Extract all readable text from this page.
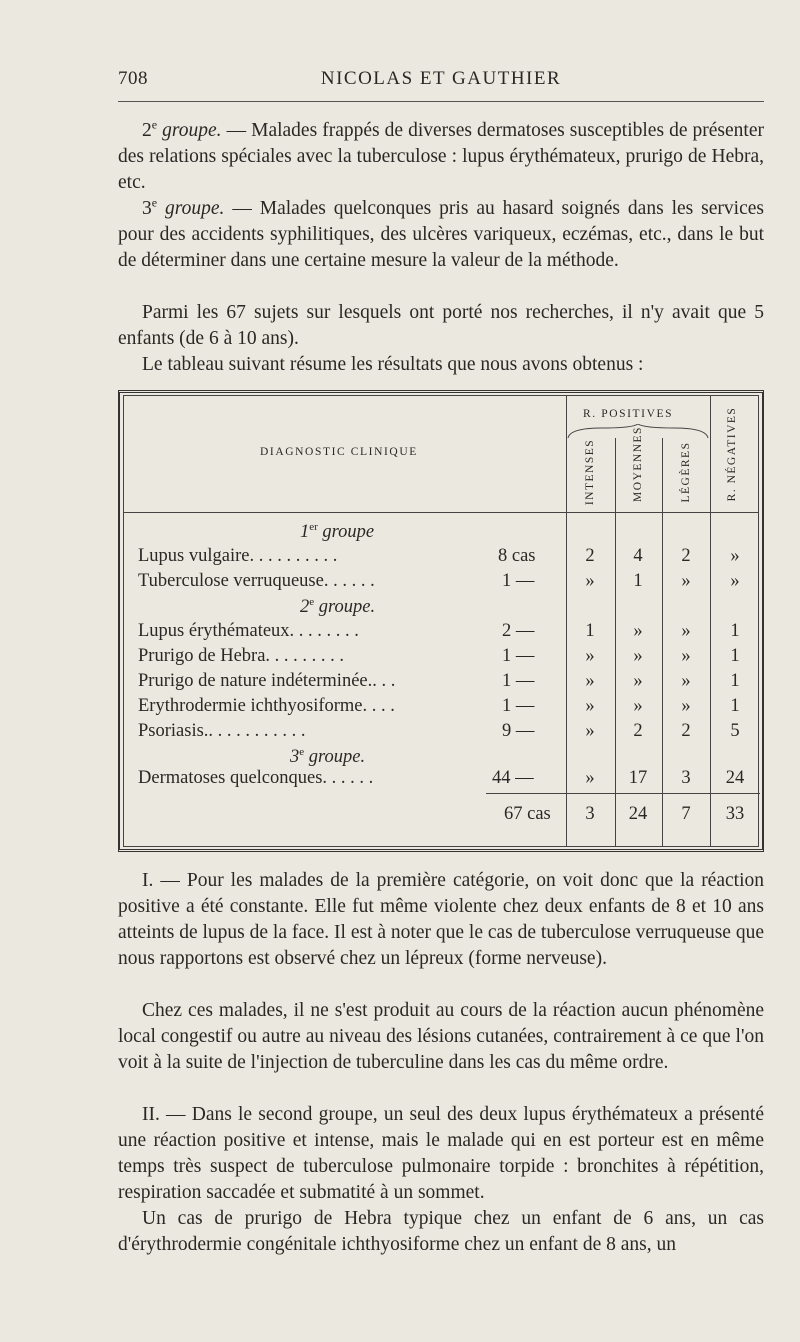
708	NICOLAS ET GAUTHIER
2e groupe. — Malades frappés de diverses dermatoses susceptibles de présenter des relations spéciales avec la tuberculose : lupus érythémateux, prurigo de Hebra, etc.
3e groupe. — Malades quelconques pris au hasard soignés dans les services pour des accidents syphilitiques, des ulcères variqueux, eczémas, etc., dans le but de déterminer dans une certaine mesure la valeur de la méthode.
Parmi les 67 sujets sur lesquels ont porté nos recherches, il n'y avait que 5 enfants (de 6 à 10 ans).
Le tableau suivant résume les résultats que nous avons obtenus :
DIAGNOSTIC CLINIQUE
R. POSITIVES
INTENSES	MOYENNES	LÉGÈRES	R. NÉGATIVES
1er groupe
Lupus vulgaire. . . . . . . . . .	8 cas	2	4	2	»
Tuberculose verruqueuse. . . . . .	1 —	»	1	»	»
2e groupe.
Lupus érythémateux. . . . . . . .	2 —	1	»	»	1
Prurigo de Hebra. . . . . . . . .	1 —	»	»	»	1
Prurigo de nature indéterminée.. . .	1 —	»	»	»	1
Erythrodermie ichthyosiforme. . . .	1 —	»	»	»	1
Psoriasis.. . . . . . . . . . .	9 —	»	2	2	5
3e groupe.
Dermatoses quelconques. . . . . .	44 —	»	17	3	24
67 cas	3	24	7	33
I. — Pour les malades de la première catégorie, on voit donc que la réaction positive a été constante. Elle fut même violente chez deux enfants de 8 et 10 ans atteints de lupus de la face. Il est à noter que le cas de tuberculose verruqueuse que nous rapportons est observé chez un lépreux (forme nerveuse).
Chez ces malades, il ne s'est produit au cours de la réaction aucun phénomène local congestif ou autre au niveau des lésions cutanées, contrairement à ce que l'on voit à la suite de l'injection de tuberculine dans les cas du même ordre.
II. — Dans le second groupe, un seul des deux lupus érythémateux a présenté une réaction positive et intense, mais le malade qui en est porteur est en même temps très suspect de tuberculose pulmonaire torpide : bronchites à répétition, respiration saccadée et submatité à un sommet.
Un cas de prurigo de Hebra typique chez un enfant de 6 ans, un cas d'érythrodermie congénitale ichthyosiforme chez un enfant de 8 ans, un
